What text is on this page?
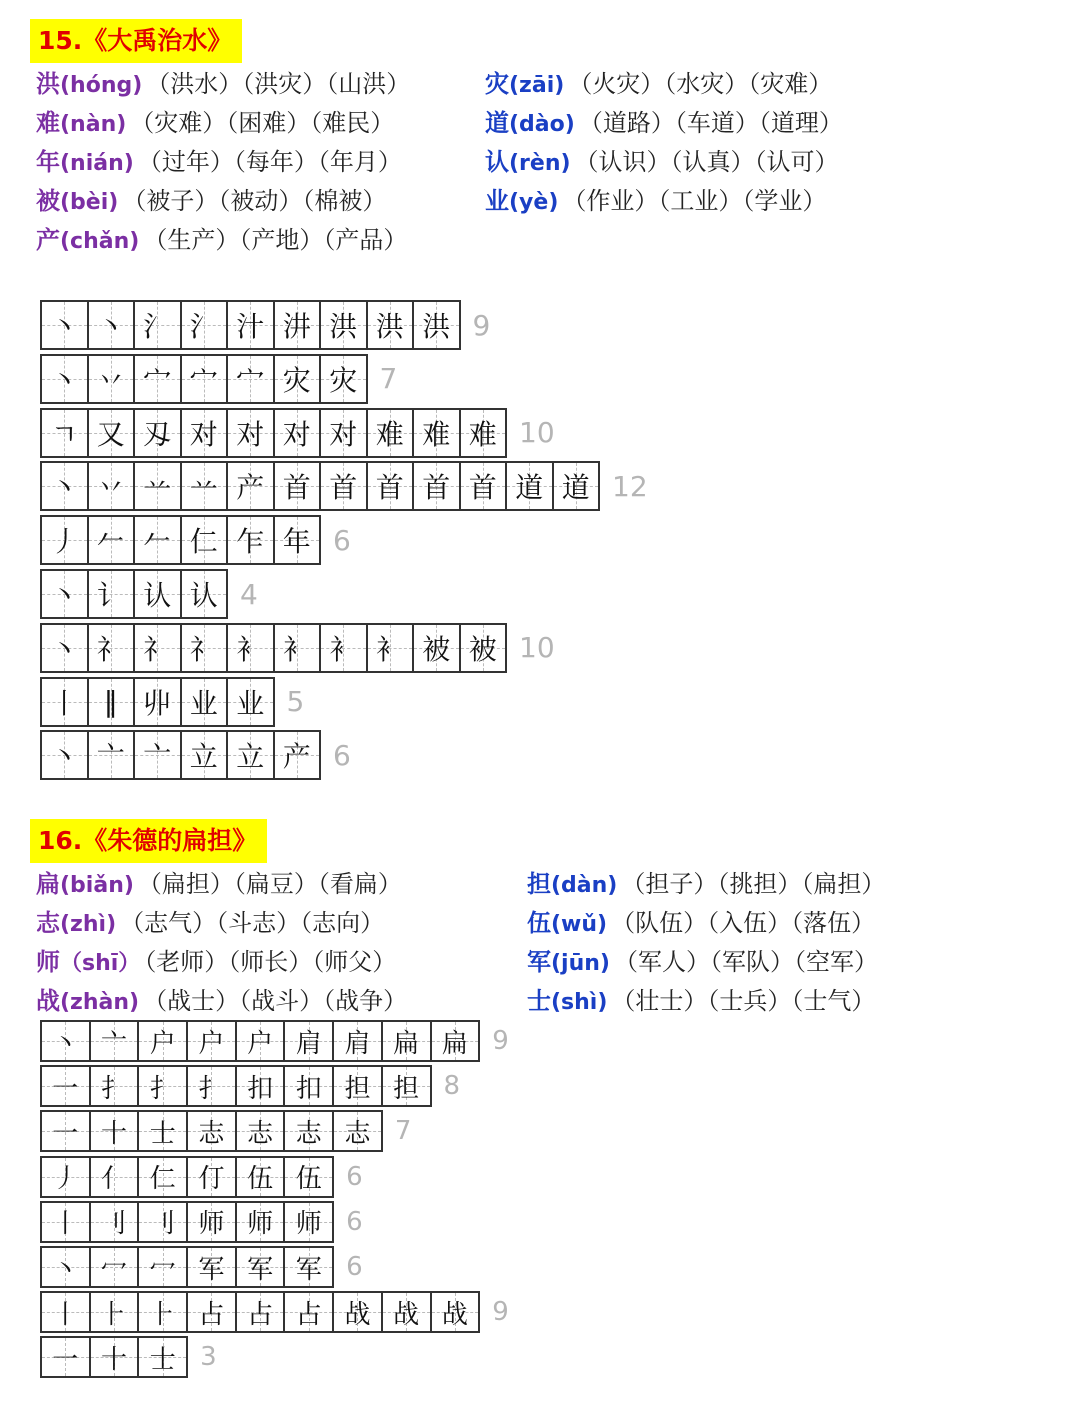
15.《大禹治水》
洪(hóng) （洪水）（洪灾）（山洪）
难(nàn) （灾难）（困难）（难民）
年(nián) （过年）（每年）（年月）
被(bèi) （被子）（被动）（棉被）
产(chǎn) （生产）（产地）（产品）
灾(zāi) （火灾）（水灾）（灾难）
道(dào) （道路）（车道）（道理）
认(rèn) （认识）（认真）（认可）
业(yè) （作业）（工业）（学业）
丶 丶 氵 氵 汁 汫 洪 洪 洪 9
丶 丷 宀 宀 宀 灾 灾 7
ㄱ 又 刄 对 对 对 对 难 难 难 10
丶 丷 䒑 䒑 产 首 首 首 首 首 道 道 12
丿 𠂉 𠂉 仁 乍 年 6
丶 讠 认 认 4
丶 礻 礻 礻 衤 衤 衤 衤 被 被 10
丨 ‖ 丱 业 业 5
丶 亠 亠 立 立 产 6
16.《朱德的扁担》
扁(biǎn) （扁担）（扁豆）（看扁）
志(zhì) （志气）（斗志）（志向）
师（shī） （老师）（师长）（师父）
战(zhàn) （战士）（战斗）（战争）
担(dàn) （担子）（挑担）（扁担）
伍(wǔ) （队伍）（入伍）（落伍）
军(jūn) （军人）（军队）（空军）
士(shì) （壮士）（士兵）（士气）
丶 亠 户 户 户 肩 肩 扁 扁 9
一 扌 扌 扌 扣 扣 担 担 8
一 十 士 志 志 志 志 7
丿 亻 仁 仃 伍 伍 6
丨 刂 刂 师 师 师 6
丶 冖 冖 军 军 军 6
丨 ⺊ ⺊ 占 占 占 战 战 战 9
一 十 士 3
